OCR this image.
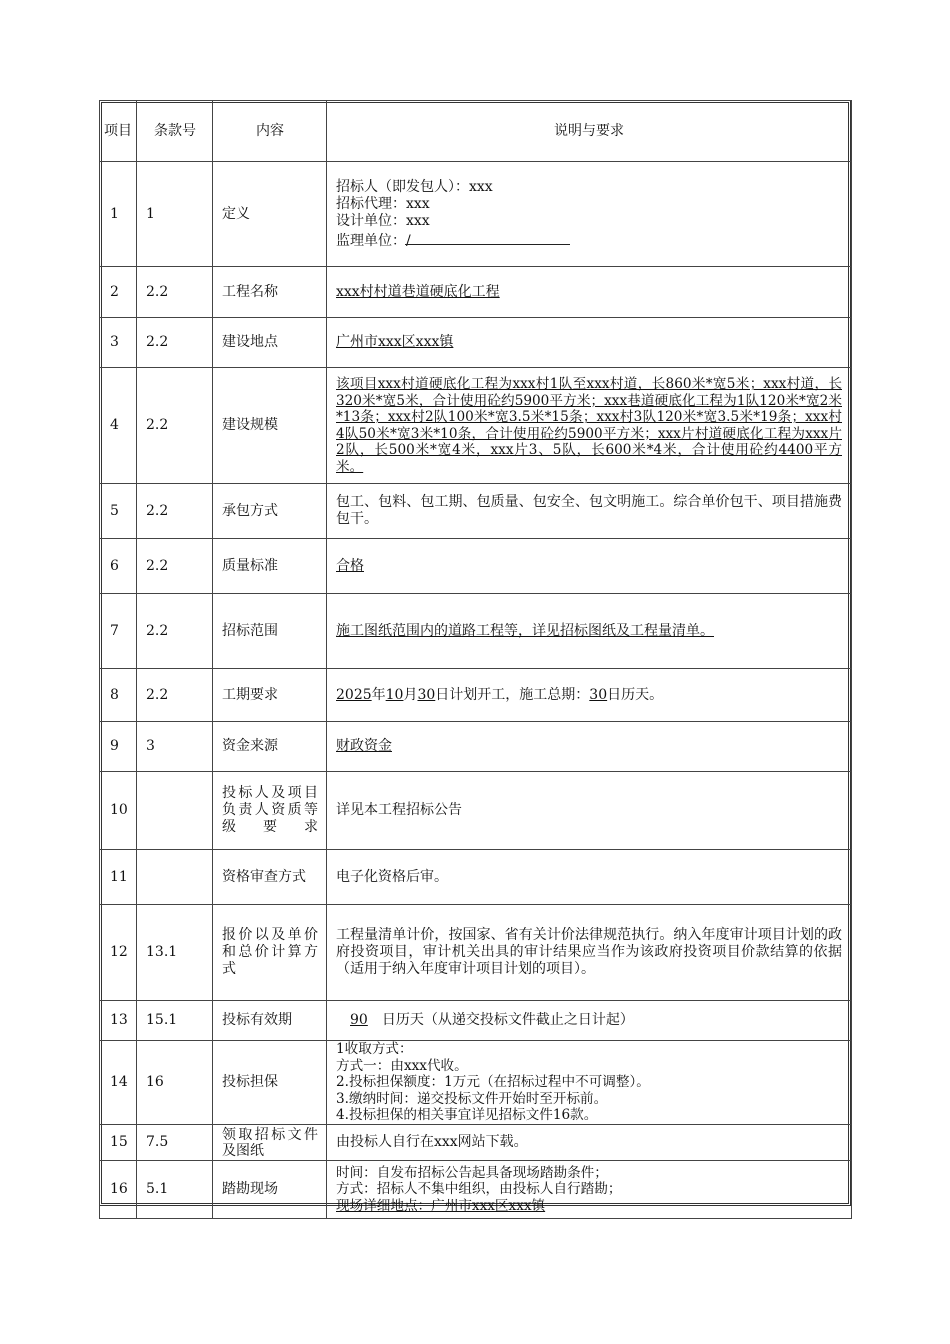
项目	条款号	内容	说明与要求
1	1	定义	招标人（即发包人）：xxx
招标代理：xxx
设计单位：xxx
监理单位：/

2	2.2	工程名称	xxx村村道巷道硬底化工程
3	2.2	建设地点	广州市xxx区xxx镇
4	2.2	建设规模	该项目xxx村道硬底化工程为xxx村1队至xxx村道，长860米*宽5米；xxx村道，长320米*宽5米，合计使用砼约5900平方米；xxx巷道硬底化工程为1队120米*宽2米*13条；xxx村2队100米*宽3.5米*15条；xxx村3队120米*宽3.5米*19条；xxx村4队50米*宽3米*10条，合计使用砼约5900平方米；xxx片村道硬底化工程为xxx片2队，长500米*宽4米，xxx片3、5队，长600米*4米，合计使用砼约4400平方米。

5	2.2	承包方式	包工、包料、包工期、包质量、包安全、包文明施工。综合单价包干、项目措施费包干。

6	2.2	质量标准	合格
7	2.2	招标范围	施工图纸范围内的道路工程等，详见招标图纸及工程量清单。
8	2.2	工期要求	2025年10月30日计划开工，施工总期：30日历天。
9	3	资金来源	财政资金
10		投标人及项目负责人资质等级要求	详见本工程招标公告
11		资格审查方式	电子化资格后审。
12	13.1	报价以及单价和总价计算方式	工程量清单计价，按国家、省有关计价法律规范执行。纳入年度审计项目计划的政府投资项目，审计机关出具的审计结果应当作为该政府投资项目价款结算的依据（适用于纳入年度审计项目计划的项目）。

13	15.1	投标有效期	90 日历天（从递交投标文件截止之日计起）
14	16	投标担保	1收取方式：
方式一：由xxx代收。
2.投标担保额度：1万元（在招标过程中不可调整）。
3.缴纳时间：递交投标文件开始时至开标前。
4.投标担保的相关事宜详见招标文件16款。

15	7.5	领取招标文件及图纸	由投标人自行在xxx网站下载。
16	5.1	踏勘现场	时间：自发布招标公告起具备现场踏勘条件；
方式：招标人不集中组织，由投标人自行踏勘；
现场详细地点：广州市xxx区xxx镇
